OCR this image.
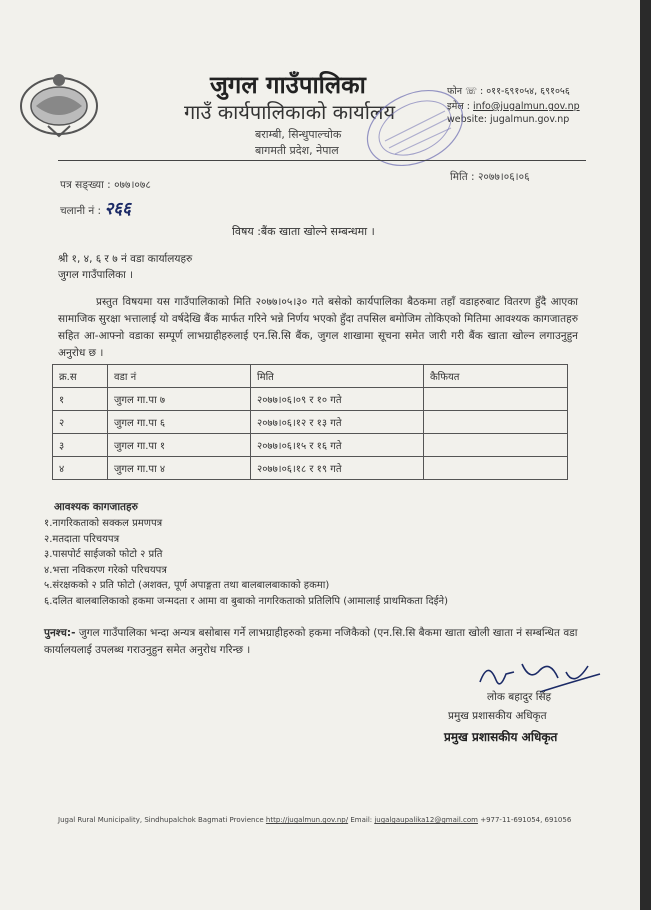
जुगल गाउँपालिका
गाउँ कार्यपालिकाको कार्यालय
बराम्बी, सिन्धुपाल्चोक
बागमती प्रदेश, नेपाल
फोन ☏ : ०११-६९१०५४, ६९१०५६
इमेल : info@jugalmun.gov.np
website: jugalmun.gov.np
पत्र सङ्ख्या : ०७७।०७८
चलानी नं : २६६
मिति : २०७७।०६।०६
विषय :बैंक खाता खोल्ने सम्बन्धमा ।
श्री १, ४, ६ र ७ नं वडा कार्यालयहरु
जुगल गाउँपालिका ।
प्रस्तुत विषयमा यस गाउँपालिकाको मिति २०७७।०५।३० गते बसेको कार्यपालिका बैठकमा तहाँ वडाहरुबाट वितरण हुँदै आएका सामाजिक सुरक्षा भत्तालाई यो वर्षदेखि बैंक मार्फत गरिने भन्ने निर्णय भएको हुँदा तपसिल बमोजिम तोकिएको मितिमा आवश्यक कागजातहरु सहित आ-आफ्नो वडाका सम्पूर्ण लाभग्राहीहरुलाई एन.सि.सि बैंक, जुगल शाखामा सूचना समेत जारी गरी बैंक खाता खोल्न लगाउनुहुन अनुरोध छ ।
क्र.स	वडा नं	मिति	कैफियत
१	जुगल गा.पा ७	२०७७।०६।०९ र १० गते	
२	जुगल गा.पा ६	२०७७।०६।१२ र १३ गते	
३	जुगल गा.पा १	२०७७।०६।१५ र १६ गते	
४	जुगल गा.पा ४	२०७७।०६।१८ र १९ गते	
आवश्यक कागजातहरु
१.नागरिकताको सक्कल प्रमणपत्र
२.मतदाता परिचयपत्र
३.पासपोर्ट साईजको फोटो २ प्रति
४.भत्ता नविकरण गरेको परिचयपत्र
५.संरक्षकको २ प्रति फोटो (अशक्त, पूर्ण अपाङ्गता तथा बालबालबाकाको हकमा)
६.दलित बालबालिकाको हकमा जन्मदता र आमा वा बुबाको नागरिकताको प्रतिलिपि (आमालाई प्राथमिकता दिईने)
पुनश्च:- जुगल गाउँपालिका भन्दा अन्यत्र बसोबास गर्ने लाभग्राहीहरुको हकमा नजिकैको (एन.सि.सि बैकमा खाता खोली खाता नं सम्बन्धित वडा कार्यालयलाई उपलब्ध गराउनुहुन समेत अनुरोध गरिन्छ ।
लोक बहादुर सिंह
प्रमुख प्रशासकीय अधिकृत
प्रमुख प्रशासकीय अधिकृत
Jugal Rural Municipality, Sindhupalchok Bagmati Provience http://jugalmun.gov.np/ Email: jugalgaupalika12@gmail.com +977-11-691054, 691056
